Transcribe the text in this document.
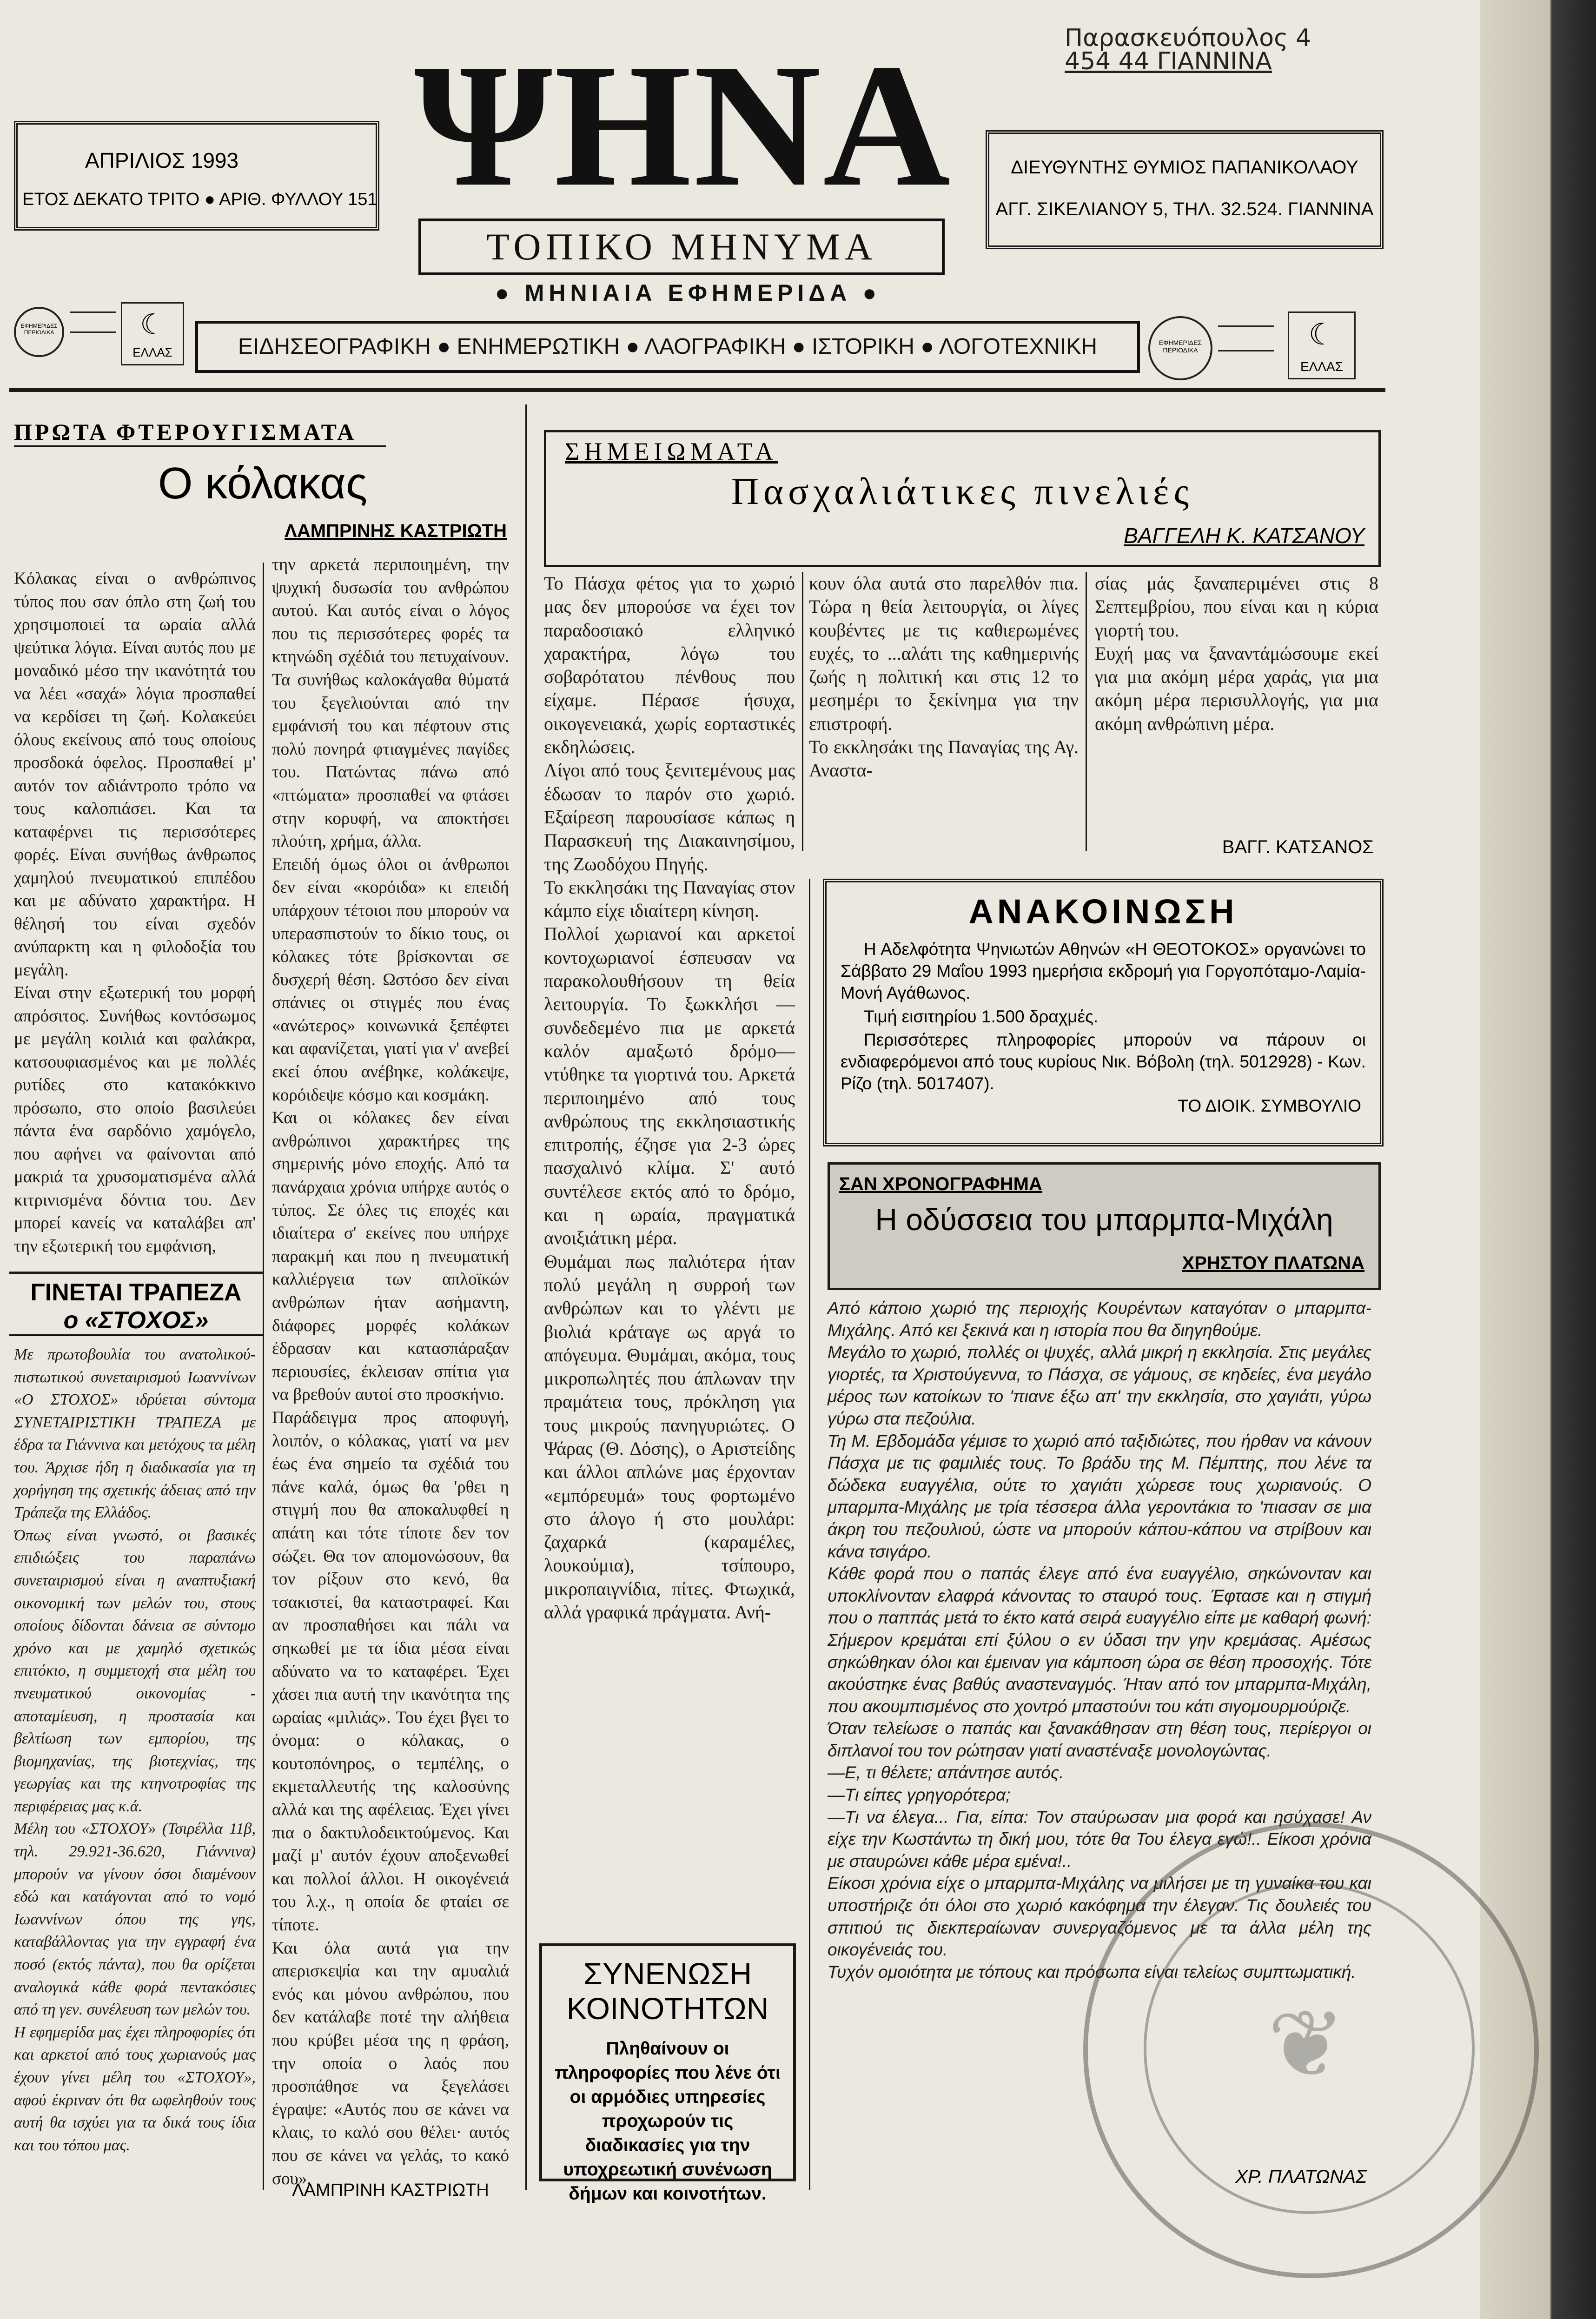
Παρασκευόπουλος 4
454 44 ΓΙΑΝΝΙΝΑ
ΨΗΝΑ
ΤΟΠΙΚΟ ΜΗΝΥΜΑ
● ΜΗΝΙΑΙΑ ΕΦΗΜΕΡΙΔΑ ●
ΑΠΡΙΛΙΟΣ 1993
ΕΤΟΣ ΔΕΚΑΤΟ ΤΡΙΤΟ ● ΑΡΙΘ. ΦΥΛΛΟΥ 151
ΔΙΕΥΘΥΝΤΗΣ ΘΥΜΙΟΣ ΠΑΠΑΝΙΚΟΛΑΟΥ
ΑΓΓ. ΣΙΚΕΛΙΑΝΟΥ 5, ΤΗΛ. 32.524. ΓΙΑΝΝΙΝΑ
ΕΦΗΜΕΡΙΔΕΣ ΠΕΡΙΟΔΙΚΑ	☾
ΕΛΛΑΣ	ΕΙΔΗΣΕΟΓΡΑΦΙΚΗ ● ΕΝΗΜΕΡΩΤΙΚΗ ● ΛΑΟΓΡΑΦΙΚΗ ● ΙΣΤΟΡΙΚΗ ● ΛΟΓΟΤΕΧΝΙΚΗ	ΕΦΗΜΕΡΙΔΕΣ ΠΕΡΙΟΔΙΚΑ	☾
ΕΛΛΑΣ
ΠΡΩΤΑ ΦΤΕΡΟΥΓΙΣΜΑΤΑ
Ο κόλακας
ΛΑΜΠΡΙΝΗΣ ΚΑΣΤΡΙΩΤΗ
Κόλακας είναι ο ανθρώπινος τύπος που σαν όπλο στη ζωή του χρησιμοποιεί τα ωραία αλλά ψεύτικα λόγια. Είναι αυτός που με μοναδικό μέσο την ικανότητά του να λέει «σαχά» λόγια προσπαθεί να κερδίσει τη ζωή. Κολακεύει όλους εκείνους από τους οποίους προσδοκά όφελος. Προσπαθεί μ' αυτόν τον αδιάντροπο τρόπο να τους καλοπιάσει. Και τα καταφέρνει τις περισσότερες φορές. Είναι συνήθως άνθρωπος χαμηλού πνευματικού επιπέδου και με αδύνατο χαρακτήρα. Η θέλησή του είναι σχεδόν ανύπαρκτη και η φιλοδοξία του μεγάλη.
Είναι στην εξωτερική του μορφή απρόσιτος. Συνήθως κοντόσωμος με μεγάλη κοιλιά και φαλάκρα, κατσουφιασμένος και με πολλές ρυτίδες στο κατακόκκινο πρόσωπο, στο οποίο βασιλεύει πάντα ένα σαρδόνιο χαμόγελο, που αφήνει να φαίνονται από μακριά τα χρυσοματισμένα αλλά κιτρινισμένα δόντια του. Δεν μπορεί κανείς να καταλάβει απ' την εξωτερική του εμφάνιση,
την αρκετά περιποιημένη, την ψυχική δυσωσία του ανθρώπου αυτού. Και αυτός είναι ο λόγος που τις περισσότερες φορές τα κτηνώδη σχέδιά του πετυχαίνουν. Τα συνήθως καλοκάγαθα θύματά του ξεγελιούνται από την εμφάνισή του και πέφτουν στις πολύ πονηρά φτιαγμένες παγίδες του. Πατώντας πάνω από «πτώματα» προσπαθεί να φτάσει στην κορυφή, να αποκτήσει πλούτη, χρήμα, άλλα.
Επειδή όμως όλοι οι άνθρωποι δεν είναι «κορόιδα» κι επειδή υπάρχουν τέτοιοι που μπορούν να υπερασπιστούν το δίκιο τους, οι κόλακες τότε βρίσκονται σε δυσχερή θέση. Ωστόσο δεν είναι σπάνιες οι στιγμές που ένας «ανώτερος» κοινωνικά ξεπέφτει και αφανίζεται, γιατί για ν' ανεβεί εκεί όπου ανέβηκε, κολάκεψε, κορόιδεψε κόσμο και κοσμάκη.
Και οι κόλακες δεν είναι ανθρώπινοι χαρακτήρες της σημερινής μόνο εποχής. Από τα πανάρχαια χρόνια υπήρχε αυτός ο τύπος. Σε όλες τις εποχές και ιδιαίτερα σ' εκείνες που υπήρχε παρακμή και που η πνευματική καλλιέργεια των απλοϊκών ανθρώπων ήταν ασήμαντη, διάφορες μορφές κολάκων έδρασαν και κατασπάραξαν περιουσίες, έκλεισαν σπίτια για να βρεθούν αυτοί στο προσκήνιο.
Παράδειγμα προς αποφυγή, λοιπόν, ο κόλακας, γιατί να μεν έως ένα σημείο τα σχέδιά του πάνε καλά, όμως θα 'ρθει η στιγμή που θα αποκαλυφθεί η απάτη και τότε τίποτε δεν τον σώζει. Θα τον απομονώσουν, θα τον ρίξουν στο κενό, θα τσακιστεί, θα καταστραφεί. Και αν προσπαθήσει και πάλι να σηκωθεί με τα ίδια μέσα είναι αδύνατο να το καταφέρει. Έχει χάσει πια αυτή την ικανότητα της ωραίας «μιλιάς». Του έχει βγει το όνομα: ο κόλακας, ο κουτοπόνηρος, ο τεμπέλης, ο εκμεταλλευτής της καλοσύνης αλλά και της αφέλειας. Έχει γίνει πια ο δακτυλοδεικτούμενος. Και μαζί μ' αυτόν έχουν αποξενωθεί και πολλοί άλλοι. Η οικογένειά του λ.χ., η οποία δε φταίει σε τίποτε.
Και όλα αυτά για την απερισκεψία και την αμυαλιά ενός και μόνου ανθρώπου, που δεν κατάλαβε ποτέ την αλήθεια που κρύβει μέσα της η φράση, την οποία ο λαός που προσπάθησε να ξεγελάσει έγραψε: «Αυτός που σε κάνει να κλαις, το καλό σου θέλει· αυτός που σε κάνει να γελάς, το κακό σου».
ΛΑΜΠΡΙΝΗ ΚΑΣΤΡΙΩΤΗ
ΓΙΝΕΤΑΙ ΤΡΑΠΕΖΑ
ο «ΣΤΟΧΟΣ»
Με πρωτοβουλία του ανατολικού-πιστωτικού συνεταιρισμού Ιωαννίνων «Ο ΣΤΟΧΟΣ» ιδρύεται σύντομα ΣΥΝΕΤΑΙΡΙΣΤΙΚΗ ΤΡΑΠΕΖΑ με έδρα τα Γιάννινα και μετόχους τα μέλη του. Άρχισε ήδη η διαδικασία για τη χορήγηση της σχετικής άδειας από την Τράπεζα της Ελλάδος.
Όπως είναι γνωστό, οι βασικές επιδιώξεις του παραπάνω συνεταιρισμού είναι η αναπτυξιακή οικονομική των μελών του, στους οποίους δίδονται δάνεια σε σύντομο χρόνο και με χαμηλό σχετικώς επιτόκιο, η συμμετοχή στα μέλη του πνευματικού οικονομίας - αποταμίευση, η προστασία και βελτίωση των εμπορίου, της βιομηχανίας, της βιοτεχνίας, της γεωργίας και της κτηνοτροφίας της περιφέρειας μας κ.ά.
Μέλη του «ΣΤΟΧΟΥ» (Τσιρέλλα 11β, τηλ. 29.921-36.620, Γιάννινα) μπορούν να γίνουν όσοι διαμένουν εδώ και κατάγονται από το νομό Ιωαννίνων όπου της γης, καταβάλλοντας για την εγγραφή ένα ποσό (εκτός πάντα), που θα ορίζεται αναλογικά κάθε φορά πεντακόσιες από τη γεν. συνέλευση των μελών του.
Η εφημερίδα μας έχει πληροφορίες ότι και αρκετοί από τους χωριανούς μας έχουν γίνει μέλη του «ΣΤΟΧΟΥ», αφού έκριναν ότι θα ωφεληθούν τους αυτή θα ισχύει για τα δικά τους ίδια και του τόπου μας.
ΣΗΜΕΙΩΜΑΤΑ
Πασχαλιάτικες πινελιές
ΒΑΓΓΕΛΗ Κ. ΚΑΤΣΑΝΟΥ
Το Πάσχα φέτος για το χωριό μας δεν μπορούσε να έχει τον παραδοσιακό ελληνικό χαρακτήρα, λόγω του σοβαρότατου πένθους που είχαμε. Πέρασε ήσυχα, οικογενειακά, χωρίς εορταστικές εκδηλώσεις.
Λίγοι από τους ξενιτεμένους μας έδωσαν το παρόν στο χωριό. Εξαίρεση παρουσίασε κάπως η Παρασκευή της Διακαινησίμου, της Ζωοδόχου Πηγής.
Το εκκλησάκι της Παναγίας στον κάμπο είχε ιδιαίτερη κίνηση.
Πολλοί χωριανοί και αρκετοί κοντοχωριανοί έσπευσαν να παρακολουθήσουν τη θεία λειτουργία. Το ξωκκλήσι —συνδεδεμένο πια με αρκετά καλόν αμαξωτό δρόμο— ντύθηκε τα γιορτινά του. Αρκετά περιποιημένο από τους ανθρώπους της εκκλησιαστικής επιτροπής, έζησε για 2-3 ώρες πασχαλινό κλίμα. Σ' αυτό συντέλεσε εκτός από το δρόμο, και η ωραία, πραγματικά ανοιξιάτικη μέρα.
Θυμάμαι πως παλιότερα ήταν πολύ μεγάλη η συρροή των ανθρώπων και το γλέντι με βιολιά κράταγε ως αργά το απόγευμα. Θυμάμαι, ακόμα, τους μικροπωλητές που άπλωναν την πραμάτεια τους, πρόκληση για τους μικρούς πανηγυριώτες. Ο Ψάρας (Θ. Δόσης), ο Αριστείδης και άλλοι απλώνε μας έρχονταν «εμπόρευμά» τους φορτωμένο στο άλογο ή στο μουλάρι: ζαχαρκά (καραμέλες, λουκούμια), τσίπουρο, μικροπαιγνίδια, πίτες. Φτωχικά, αλλά γραφικά πράγματα. Ανή-
κουν όλα αυτά στο παρελθόν πια. Τώρα η θεία λειτουργία, οι λίγες κουβέντες με τις καθιερωμένες ευχές, το ...αλάτι της καθημερινής ζωής η πολιτική και στις 12 το μεσημέρι το ξεκίνημα για την επιστροφή.
Το εκκλησάκι της Παναγίας της Αγ. Αναστα-
σίας μάς ξαναπεριμένει στις 8 Σεπτεμβρίου, που είναι και η κύρια γιορτή του.
Ευχή μας να ξαναντάμώσουμε εκεί για μια ακόμη μέρα χαράς, για μια ακόμη μέρα περισυλλογής, για μια ακόμη ανθρώπινη μέρα.
ΒΑΓΓ. ΚΑΤΣΑΝΟΣ
ΑΝΑΚΟΙΝΩΣΗ
Η Αδελφότητα Ψηνιωτών Αθηνών «Η ΘΕΟΤΟΚΟΣ» οργανώνει το Σάββατο 29 Μαΐου 1993 ημερήσια εκδρομή για Γοργοπόταμο-Λαμία-Μονή Αγάθωνος.
Τιμή εισιτηρίου 1.500 δραχμές.
Περισσότερες πληροφορίες μπορούν να πάρουν οι ενδιαφερόμενοι από τους κυρίους Νικ. Βόβολη (τηλ. 5012928) - Κων. Ρίζο (τηλ. 5017407).
ΤΟ ΔΙΟΙΚ. ΣΥΜΒΟΥΛΙΟ
ΣΥΝΕΝΩΣΗ
ΚΟΙΝΟΤΗΤΩΝ
Πληθαίνουν οι πληροφορίες που λένε ότι οι αρμόδιες υπηρεσίες προχωρούν τις διαδικασίες για την υποχρεωτική συνένωση δήμων και κοινοτήτων.
ΣΑΝ ΧΡΟΝΟΓΡΑΦΗΜΑ
Η οδύσσεια του μπαρμπα-Μιχάλη
ΧΡΗΣΤΟΥ ΠΛΑΤΩΝΑ
Από κάποιο χωριό της περιοχής Κουρέντων καταγόταν ο μπαρμπα-Μιχάλης. Από κει ξεκινά και η ιστορία που θα διηγηθούμε.
Μεγάλο το χωριό, πολλές οι ψυχές, αλλά μικρή η εκκλησία. Στις μεγάλες γιορτές, τα Χριστούγεννα, το Πάσχα, σε γάμους, σε κηδείες, ένα μεγάλο μέρος των κατοίκων το 'πιανε έξω απ' την εκκλησία, στο χαγιάτι, γύρω γύρω στα πεζούλια.
Τη Μ. Εβδομάδα γέμισε το χωριό από ταξιδιώτες, που ήρθαν να κάνουν Πάσχα με τις φαμιλιές τους. Το βράδυ της Μ. Πέμπτης, που λένε τα δώδεκα ευαγγέλια, ούτε το χαγιάτι χώρεσε τους χωριανούς. Ο μπαρμπα-Μιχάλης με τρία τέσσερα άλλα γεροντάκια το 'πιασαν σε μια άκρη του πεζουλιού, ώστε να μπορούν κάπου-κάπου να στρίβουν και κάνα τσιγάρο.
Κάθε φορά που ο παπάς έλεγε από ένα ευαγγέλιο, σηκώνονταν και υποκλίνονταν ελαφρά κάνοντας το σταυρό τους. Έφτασε και η στιγμή που ο παππάς μετά το έκτο κατά σειρά ευαγγέλιο είπε με καθαρή φωνή: Σήμερον κρεμάται επί ξύλου ο εν ύδασι την γην κρεμάσας. Αμέσως σηκώθηκαν όλοι και έμειναν για κάμποση ώρα σε θέση προσοχής. Τότε ακούστηκε ένας βαθύς αναστεναγμός. Ήταν από τον μπαρμπα-Μιχάλη, που ακουμπισμένος στο χοντρό μπαστούνι του κάτι σιγομουρμούριζε.
Όταν τελείωσε ο παπάς και ξανακάθησαν στη θέση τους, περίεργοι οι διπλανοί του τον ρώτησαν γιατί αναστέναξε μονολογώντας.
—Ε, τι θέλετε; απάντησε αυτός.
—Τι είπες γρηγορότερα;
—Τι να έλεγα... Για, είπα: Τον σταύρωσαν μια φορά και ησύχασε! Αν είχε την Κωστάντω τη δική μου, τότε θα Του έλεγα εγώ!.. Είκοσι χρόνια με σταυρώνει κάθε μέρα εμένα!..
Είκοσι χρόνια είχε ο μπαρμπα-Μιχάλης να μιλήσει με τη γυναίκα του και υποστήριζε ότι όλοι στο χωριό κακόφημα την έλεγαν. Τις δουλειές του σπιτιού τις διεκπεραίωναν συνεργαζόμενος με τα άλλα μέλη της οικογένειάς του.
Τυχόν ομοιότητα με τόπους και πρόσωπα είναι τελείως συμπτωματική.
ΧΡ. ΠΛΑΤΩΝΑΣ
❦
